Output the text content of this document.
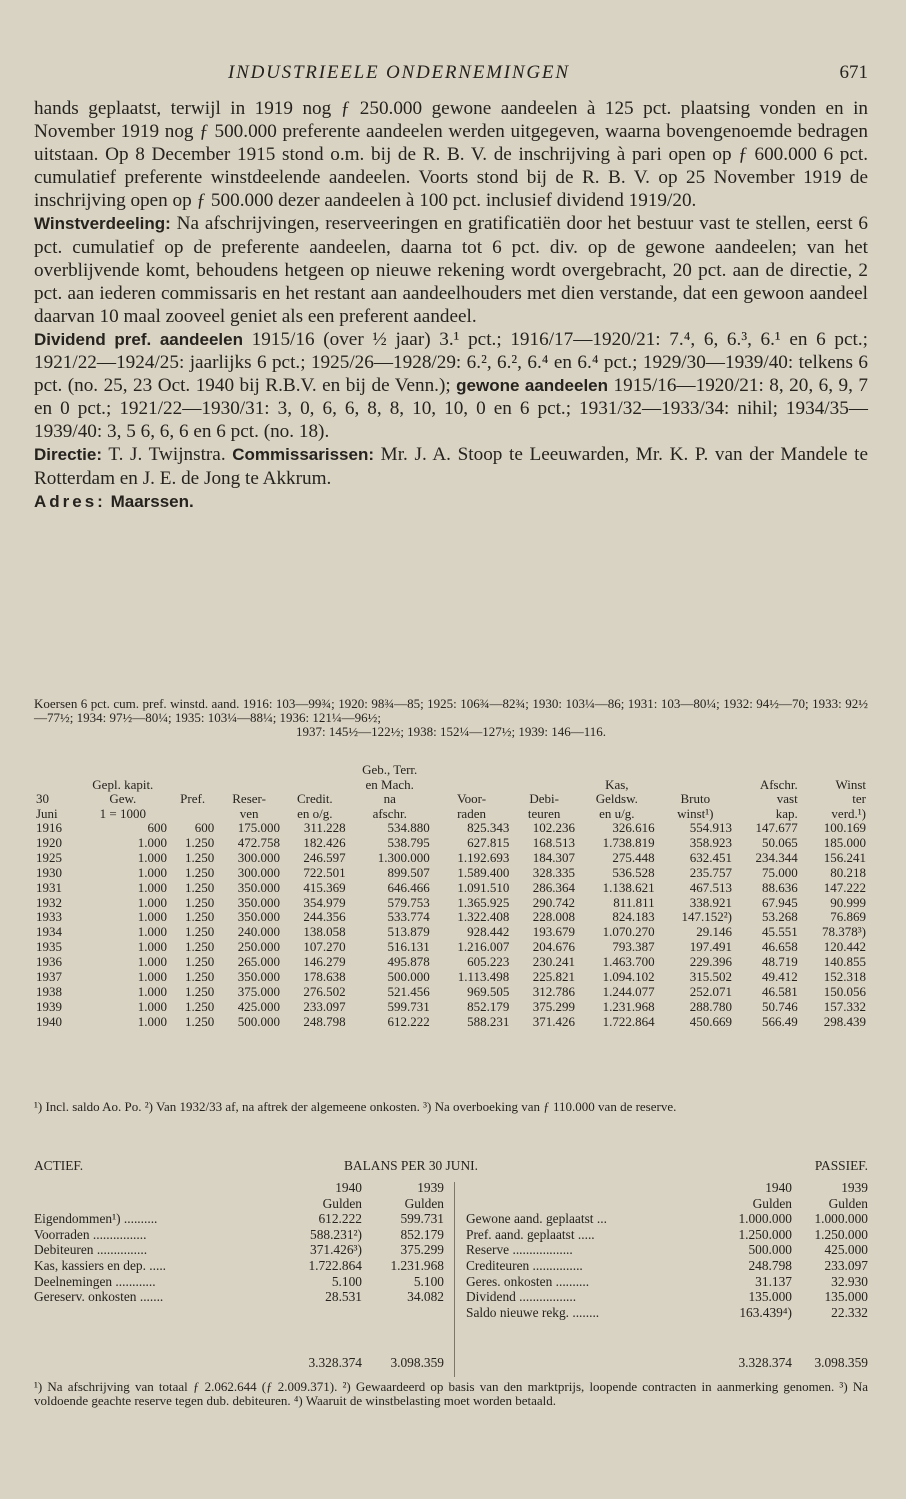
INDUSTRIEELE ONDERNEMINGEN	671

hands geplaatst, terwijl in 1919 nog ƒ 250.000 gewone aandeelen à 125 pct. plaatsing vonden en in November 1919 nog ƒ 500.000 preferente aandeelen werden uitgegeven, waarna bovengenoemde bedragen uitstaan. Op 8 December 1915 stond o.m. bij de R. B. V. de inschrijving à pari open op ƒ 600.000 6 pct. cumulatief preferente winstdeelende aandeelen. Voorts stond bij de R. B. V. op 25 November 1919 de inschrijving open op ƒ 500.000 dezer aandeelen à 100 pct. inclusief dividend 1919/20.

Winstverdeeling: Na afschrijvingen, reserveeringen en gratificatiën door het bestuur vast te stellen, eerst 6 pct. cumulatief op de preferente aandeelen, daarna tot 6 pct. div. op de gewone aandeelen; van het overblijvende komt, behoudens hetgeen op nieuwe rekening wordt overgebracht, 20 pct. aan de directie, 2 pct. aan iederen commissaris en het restant aan aandeelhouders met dien verstande, dat een gewoon aandeel daarvan 10 maal zooveel geniet als een preferent aandeel.

Dividend pref. aandeelen 1915/16 (over ½ jaar) 3.¹ pct.; 1916/17—1920/21: 7.⁴, 6, 6.³, 6.¹ en 6 pct.; 1921/22—1924/25: jaarlijks 6 pct.; 1925/26—1928/29: 6.², 6.², 6.⁴ en 6.⁴ pct.; 1929/30—1939/40: telkens 6 pct. (no. 25, 23 Oct. 1940 bij R.B.V. en bij de Venn.); gewone aandeelen 1915/16—1920/21: 8, 20, 6, 9, 7 en 0 pct.; 1921/22—1930/31: 3, 0, 6, 6, 8, 8, 10, 10, 0 en 6 pct.; 1931/32—1933/34: nihil; 1934/35—1939/40: 3, 5 6, 6, 6 en 6 pct. (no. 18).

Directie: T. J. Twijnstra. Commissarissen: Mr. J. A. Stoop te Leeuwarden, Mr. K. P. van der Mandele te Rotterdam en J. E. de Jong te Akkrum.

Adres: Maarssen.

Koersen 6 pct. cum. pref. winstd. aand. 1916: 103—99¾; 1920: 98¾—85; 1925: 106¾—82¾; 1930: 103¼—86; 1931: 103—80¼; 1932: 94½—70; 1933: 92½—77½; 1934: 97½—80¼; 1935: 103¼—88¼; 1936: 121¼—96½;
1937: 145½—122½; 1938: 152¼—127½; 1939: 146—116.
					Geb., Terr.						
	Gepl. kapit.				en Mach.			Kas,		Afschr.	Winst
30	Gew.	Pref.	Reser-	Credit.	na	Voor-	Debi-	Geldsw.	Bruto	vast	ter
Juni	1 = 1000		ven	en o/g.	afschr.	raden	teuren	en u/g.	winst¹)	kap.	verd.¹)
1916	600	600	175.000	311.228	534.880	825.343	102.236	326.616	554.913	147.677	100.169
1920	1.000	1.250	472.758	182.426	538.795	627.815	168.513	1.738.819	358.923	50.065	185.000
1925	1.000	1.250	300.000	246.597	1.300.000	1.192.693	184.307	275.448	632.451	234.344	156.241
1930	1.000	1.250	300.000	722.501	899.507	1.589.400	328.335	536.528	235.757	75.000	80.218
1931	1.000	1.250	350.000	415.369	646.466	1.091.510	286.364	1.138.621	467.513	88.636	147.222
1932	1.000	1.250	350.000	354.979	579.753	1.365.925	290.742	811.811	338.921	67.945	90.999
1933	1.000	1.250	350.000	244.356	533.774	1.322.408	228.008	824.183	147.152²)	53.268	76.869
1934	1.000	1.250	240.000	138.058	513.879	928.442	193.679	1.070.270	29.146	45.551	78.378³)
1935	1.000	1.250	250.000	107.270	516.131	1.216.007	204.676	793.387	197.491	46.658	120.442
1936	1.000	1.250	265.000	146.279	495.878	605.223	230.241	1.463.700	229.396	48.719	140.855
1937	1.000	1.250	350.000	178.638	500.000	1.113.498	225.821	1.094.102	315.502	49.412	152.318
1938	1.000	1.250	375.000	276.502	521.456	969.505	312.786	1.244.077	252.071	46.581	150.056
1939	1.000	1.250	425.000	233.097	599.731	852.179	375.299	1.231.968	288.780	50.746	157.332
1940	1.000	1.250	500.000	248.798	612.222	588.231	371.426	1.722.864	450.669	566.49	298.439
¹) Incl. saldo Ao. Po. ²) Van 1932/33 af, na aftrek der algemeene onkosten. ³) Na overboeking van ƒ 110.000 van de reserve.
ACTIEF.	BALANS PER 30 JUNI.	PASSIEF.
	1940	1939
	Gulden	Gulden
Eigendommen¹) ..........	612.222	599.731
Voorraden ................	588.231²)	852.179
Debiteuren ...............	371.426³)	375.299
Kas, kassiers en dep. .....	1.722.864	1.231.968
Deelnemingen ............	5.100	5.100
Gereserv. onkosten .......	28.531	34.082

	3.328.374	3.098.359
	1940	1939
	Gulden	Gulden
Gewone aand. geplaatst ...	1.000.000	1.000.000
Pref. aand. geplaatst .....	1.250.000	1.250.000
Reserve ..................	500.000	425.000
Crediteuren ...............	248.798	233.097
Geres. onkosten ..........	31.137	32.930
Dividend .................	135.000	135.000
Saldo nieuwe rekg. ........	163.439⁴)	22.332
	3.328.374	3.098.359
¹) Na afschrijving van totaal ƒ 2.062.644 (ƒ 2.009.371). ²) Gewaardeerd op basis van den marktprijs, loopende contracten in aanmerking genomen. ³) Na voldoende geachte reserve tegen dub. debiteuren. ⁴) Waaruit de winstbelasting moet worden betaald.
